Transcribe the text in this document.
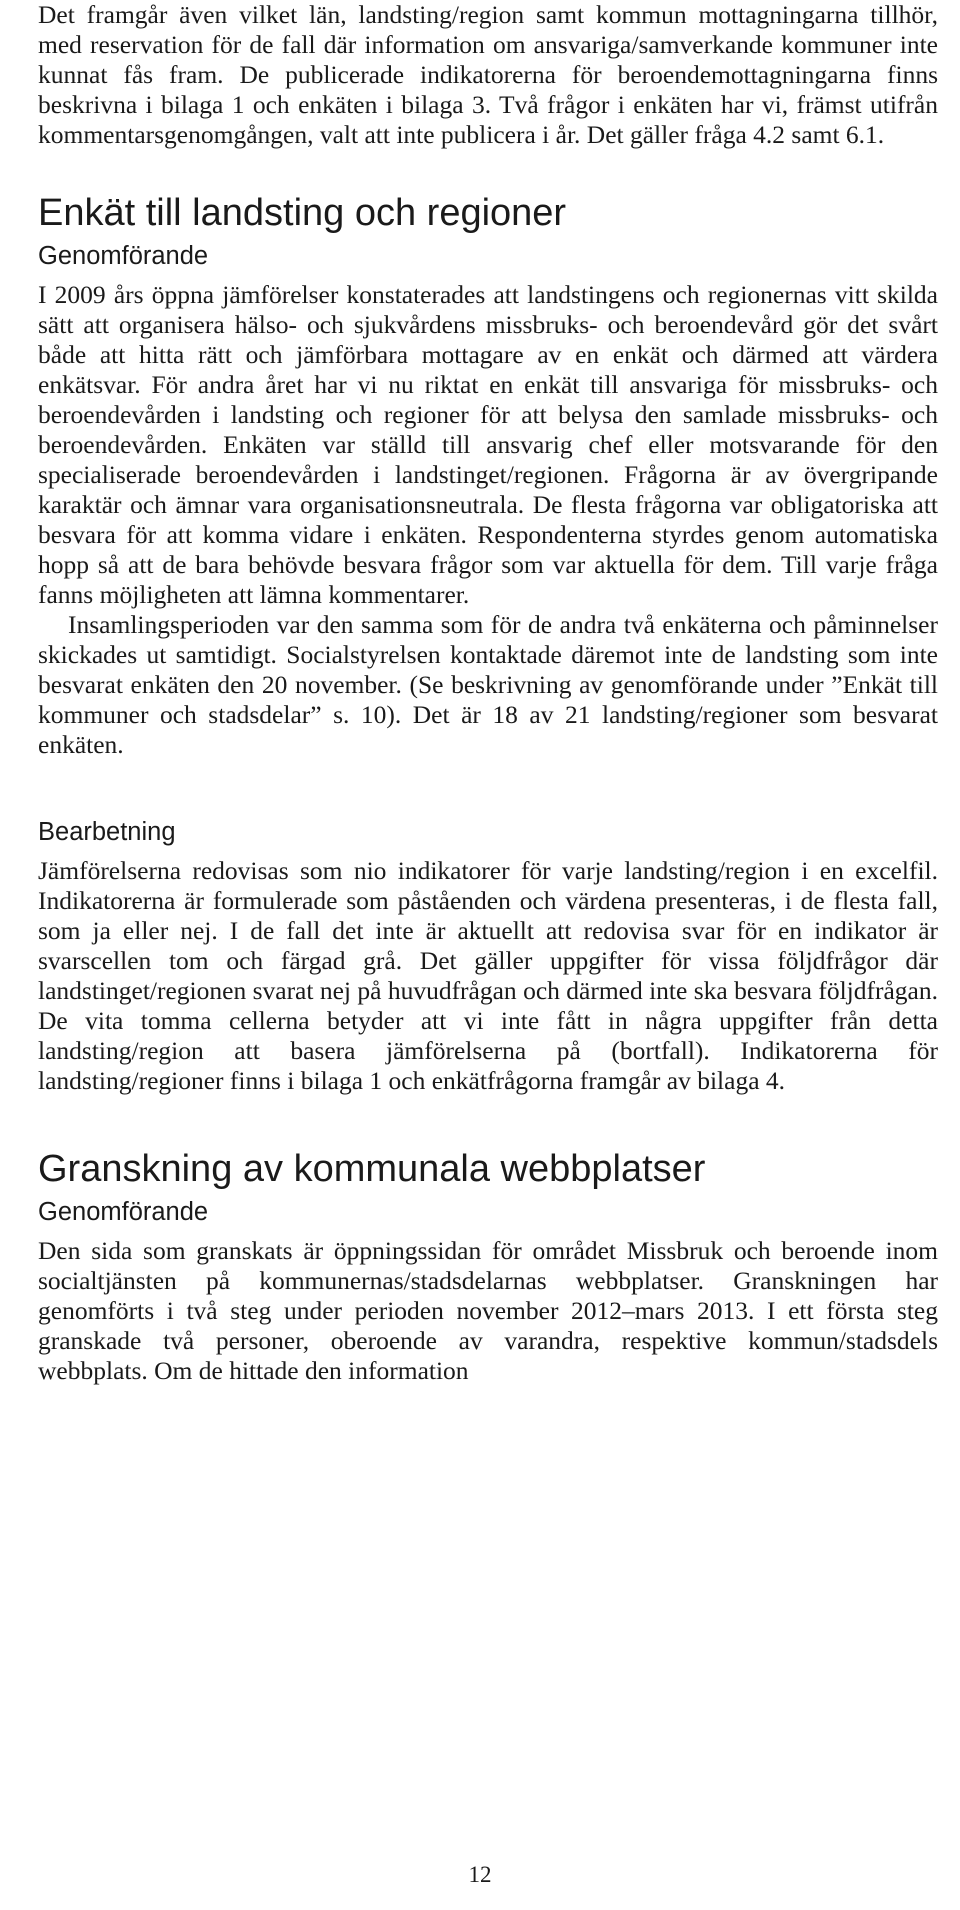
Det framgår även vilket län, landsting/region samt kommun mottagningarna tillhör, med reservation för de fall där information om ansvariga/samverkande kommuner inte kunnat fås fram. De publicerade indikatorerna för beroendemottagningarna finns beskrivna i bilaga 1 och enkäten i bilaga 3. Två frågor i enkäten har vi, främst utifrån kommentarsgenomgången, valt att inte publicera i år. Det gäller fråga 4.2 samt 6.1.

Enkät till landsting och regioner
Genomförande

I 2009 års öppna jämförelser konstaterades att landstingens och regionernas vitt skilda sätt att organisera hälso- och sjukvårdens missbruks- och beroendevård gör det svårt både att hitta rätt och jämförbara mottagare av en enkät och därmed att värdera enkätsvar. För andra året har vi nu riktat en enkät till ansvariga för missbruks- och beroendevården i landsting och regioner för att belysa den samlade missbruks- och beroendevården. Enkäten var ställd till ansvarig chef eller motsvarande för den specialiserade beroendevården i landstinget/regionen. Frågorna är av övergripande karaktär och ämnar vara organisationsneutrala. De flesta frågorna var obligatoriska att besvara för att komma vidare i enkäten. Respondenterna styrdes genom automatiska hopp så att de bara behövde besvara frågor som var aktuella för dem. Till varje fråga fanns möjligheten att lämna kommentarer.

Insamlingsperioden var den samma som för de andra två enkäterna och påminnelser skickades ut samtidigt. Socialstyrelsen kontaktade däremot inte de landsting som inte besvarat enkäten den 20 november. (Se beskrivning av genomförande under ”Enkät till kommuner och stadsdelar” s. 10). Det är 18 av 21 landsting/regioner som besvarat enkäten.

Bearbetning

Jämförelserna redovisas som nio indikatorer för varje landsting/region i en excelfil. Indikatorerna är formulerade som påståenden och värdena presenteras, i de flesta fall, som ja eller nej. I de fall det inte är aktuellt att redovisa svar för en indikator är svarscellen tom och färgad grå. Det gäller uppgifter för vissa följdfrågor där landstinget/regionen svarat nej på huvudfrågan och därmed inte ska besvara följdfrågan. De vita tomma cellerna betyder att vi inte fått in några uppgifter från detta landsting/region att basera jämförelserna på (bortfall). Indikatorerna för landsting/regioner finns i bilaga 1 och enkätfrågorna framgår av bilaga 4.

Granskning av kommunala webbplatser
Genomförande

Den sida som granskats är öppningssidan för området Missbruk och beroende inom socialtjänsten på kommunernas/stadsdelarnas webbplatser. Granskningen har genomförts i två steg under perioden november 2012–mars 2013. I ett första steg granskade två personer, oberoende av varandra, respektive kommun/stadsdels webbplats. Om de hittade den information

12
